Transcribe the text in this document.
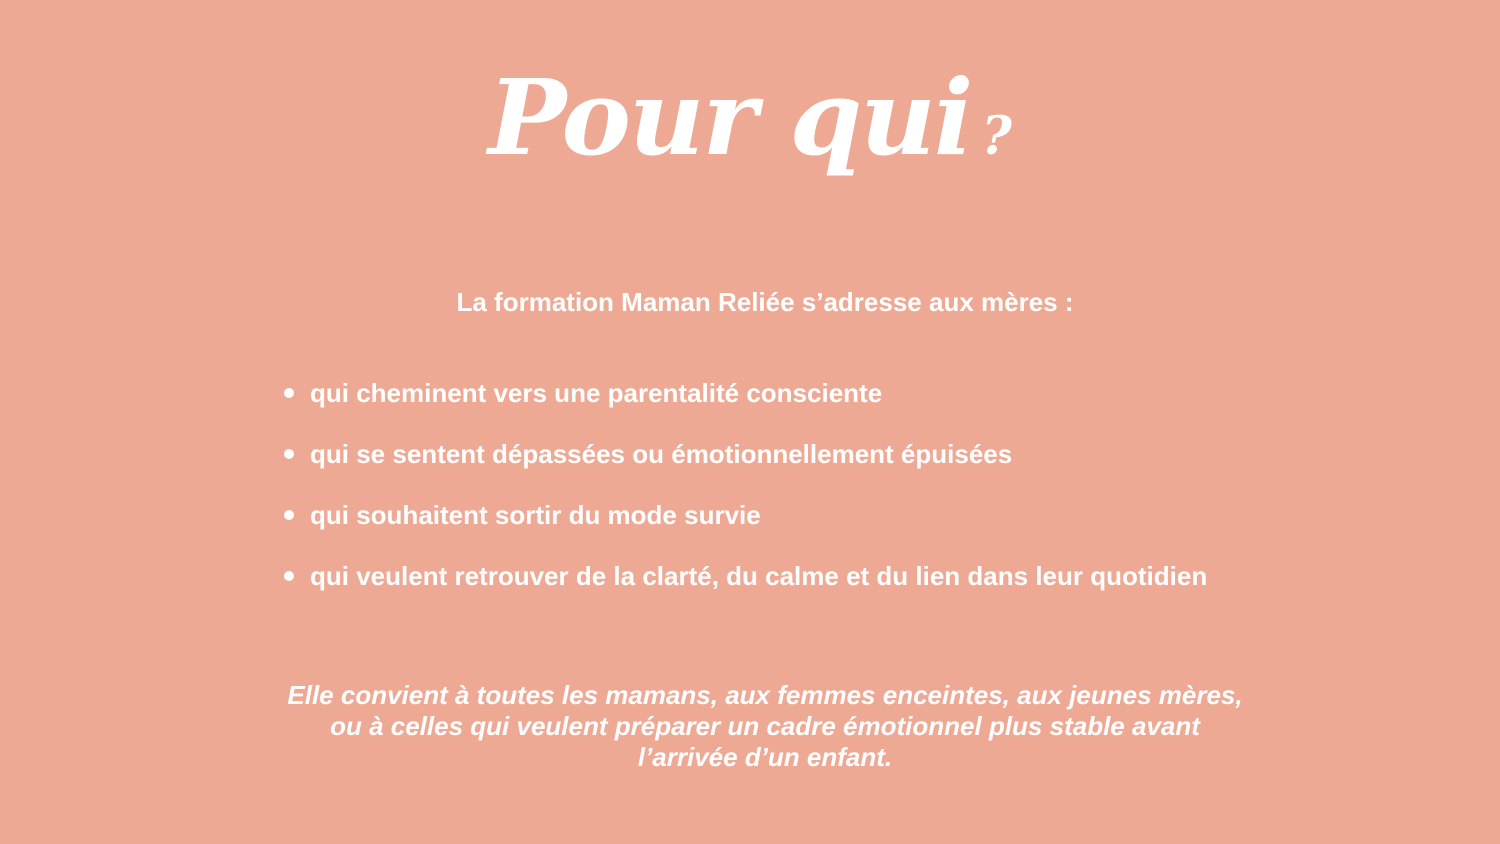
Pour qui ?
La formation Maman Reliée s’adresse aux mères :
qui cheminent vers une parentalité consciente
qui se sentent dépassées ou émotionnellement épuisées
qui souhaitent sortir du mode survie
qui veulent retrouver de la clarté, du calme et du lien dans leur quotidien
Elle convient à toutes les mamans, aux femmes enceintes, aux jeunes mères,
ou à celles qui veulent préparer un cadre émotionnel plus stable avant
l’arrivée d’un enfant.
